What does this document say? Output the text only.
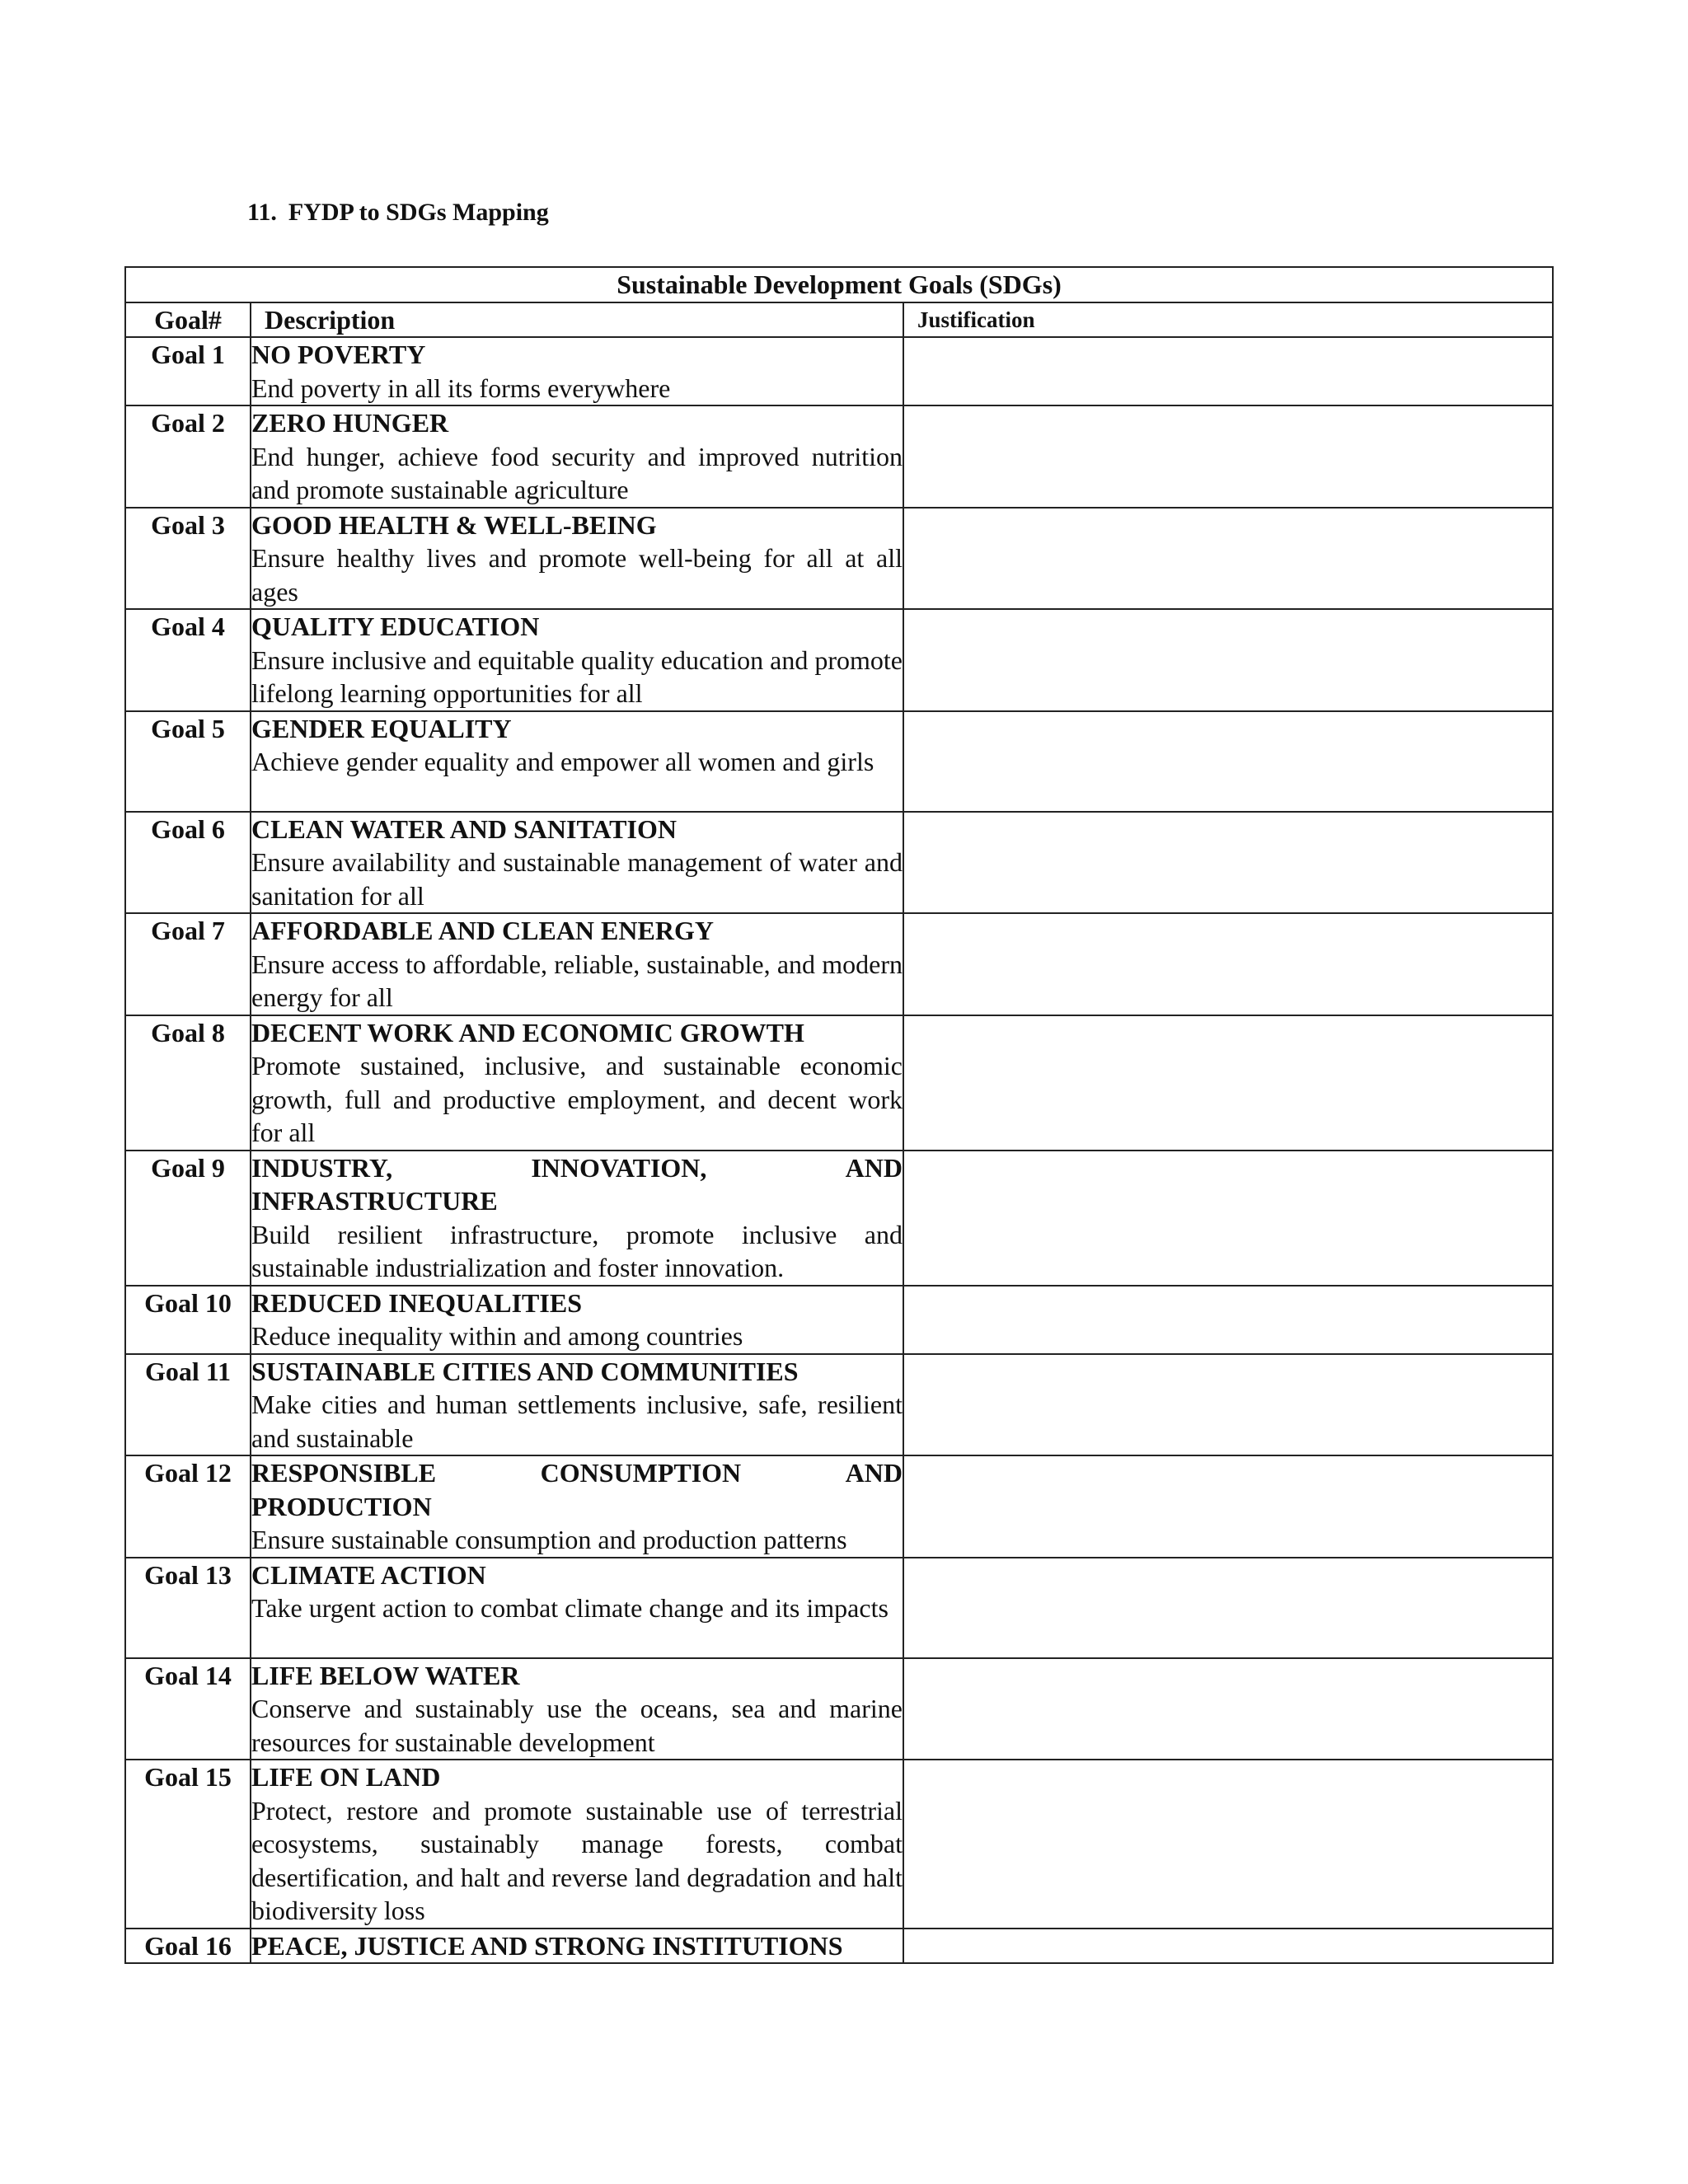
11. FYDP to SDGs Mapping
Sustainable Development Goals (SDGs)		
Goal#	Description	Justification
Goal 1	NO POVERTY
End poverty in all its forms everywhere	

Goal 2	ZERO HUNGER
End hunger, achieve food security and improved nutrition and promote sustainable agriculture	

Goal 3	GOOD HEALTH & WELL-BEING
Ensure healthy lives and promote well-being for all at all ages	

Goal 4	QUALITY EDUCATION
Ensure inclusive and equitable quality education and promote lifelong learning opportunities for all	

Goal 5	GENDER EQUALITY
Achieve gender equality and empower all women and girls	

Goal 6	CLEAN WATER AND SANITATION
Ensure availability and sustainable management of water and sanitation for all	

Goal 7	AFFORDABLE AND CLEAN ENERGY
Ensure access to affordable, reliable, sustainable, and modern energy for all	

Goal 8	DECENT WORK AND ECONOMIC GROWTH
Promote sustained, inclusive, and sustainable economic growth, full and productive employment, and decent work for all	

Goal 9	INDUSTRY, INNOVATION, AND
INFRASTRUCTURE
Build resilient infrastructure, promote inclusive and sustainable industrialization and foster innovation.	

Goal 10	REDUCED INEQUALITIES
Reduce inequality within and among countries	

Goal 11	SUSTAINABLE CITIES AND COMMUNITIES
Make cities and human settlements inclusive, safe, resilient and sustainable	

Goal 12	RESPONSIBLE CONSUMPTION AND
PRODUCTION
Ensure sustainable consumption and production patterns	

Goal 13	CLIMATE ACTION
Take urgent action to combat climate change and its impacts	

Goal 14	LIFE BELOW WATER
Conserve and sustainably use the oceans, sea and marine resources for sustainable development	

Goal 15	LIFE ON LAND
Protect, restore and promote sustainable use of terrestrial ecosystems, sustainably manage forests, combat desertification, and halt and reverse land degradation and halt biodiversity loss	

Goal 16	PEACE, JUSTICE AND STRONG INSTITUTIONS	
